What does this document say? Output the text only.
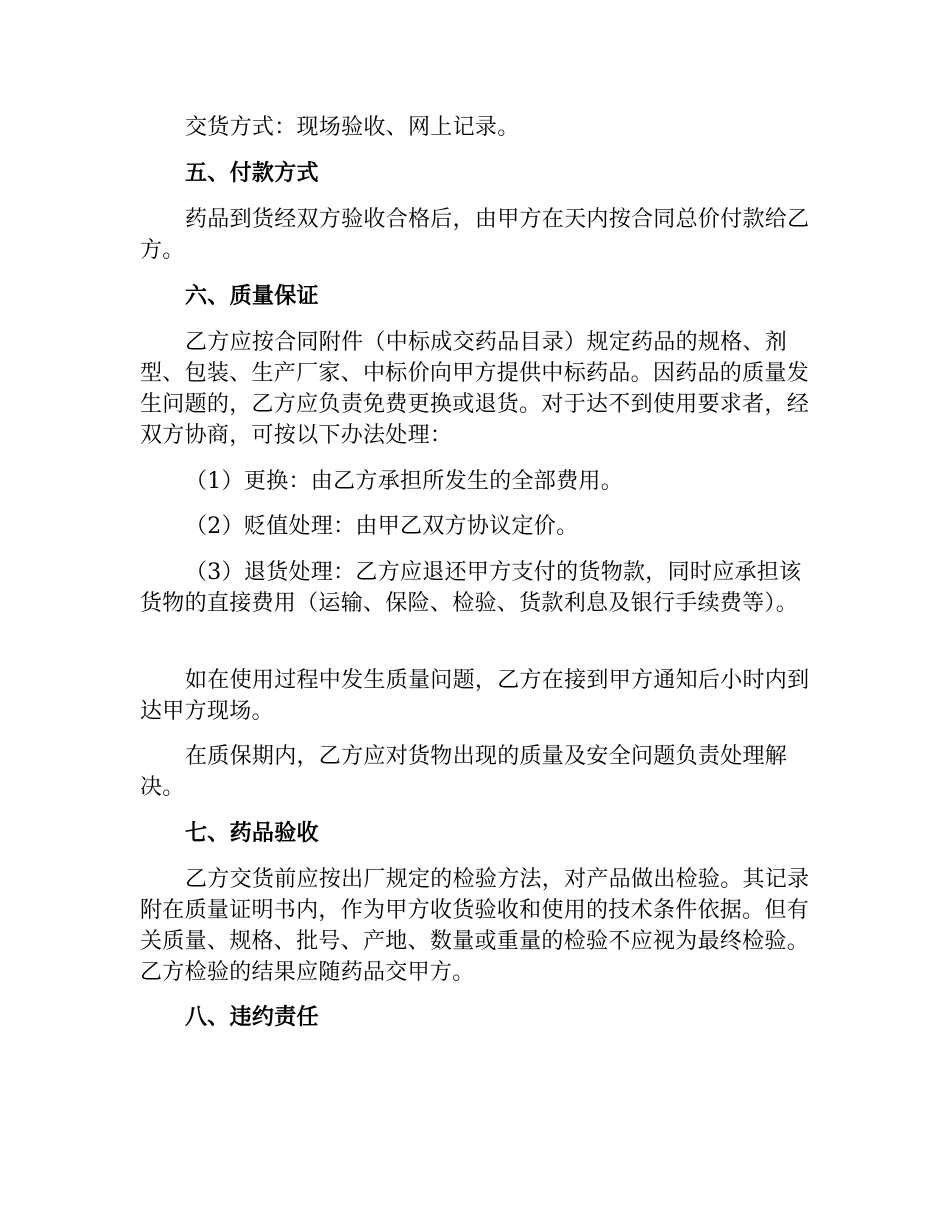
交货方式：现场验收、网上记录。

五、付款方式

药品到货经双方验收合格后，由甲方在天内按合同总价付款给乙方。

六、质量保证

乙方应按合同附件（中标成交药品目录）规定药品的规格、剂型、包装、生产厂家、中标价向甲方提供中标药品。因药品的质量发生问题的，乙方应负责免费更换或退货。对于达不到使用要求者，经双方协商，可按以下办法处理：

（1）更换：由乙方承担所发生的全部费用。

（2）贬值处理：由甲乙双方协议定价。

（3）退货处理：乙方应退还甲方支付的货物款，同时应承担该货物的直接费用（运输、保险、检验、货款利息及银行手续费等）。

如在使用过程中发生质量问题，乙方在接到甲方通知后小时内到达甲方现场。

在质保期内，乙方应对货物出现的质量及安全问题负责处理解决。

七、药品验收

乙方交货前应按出厂规定的检验方法，对产品做出检验。其记录附在质量证明书内，作为甲方收货验收和使用的技术条件依据。但有关质量、规格、批号、产地、数量或重量的检验不应视为最终检验。乙方检验的结果应随药品交甲方。

八、违约责任
